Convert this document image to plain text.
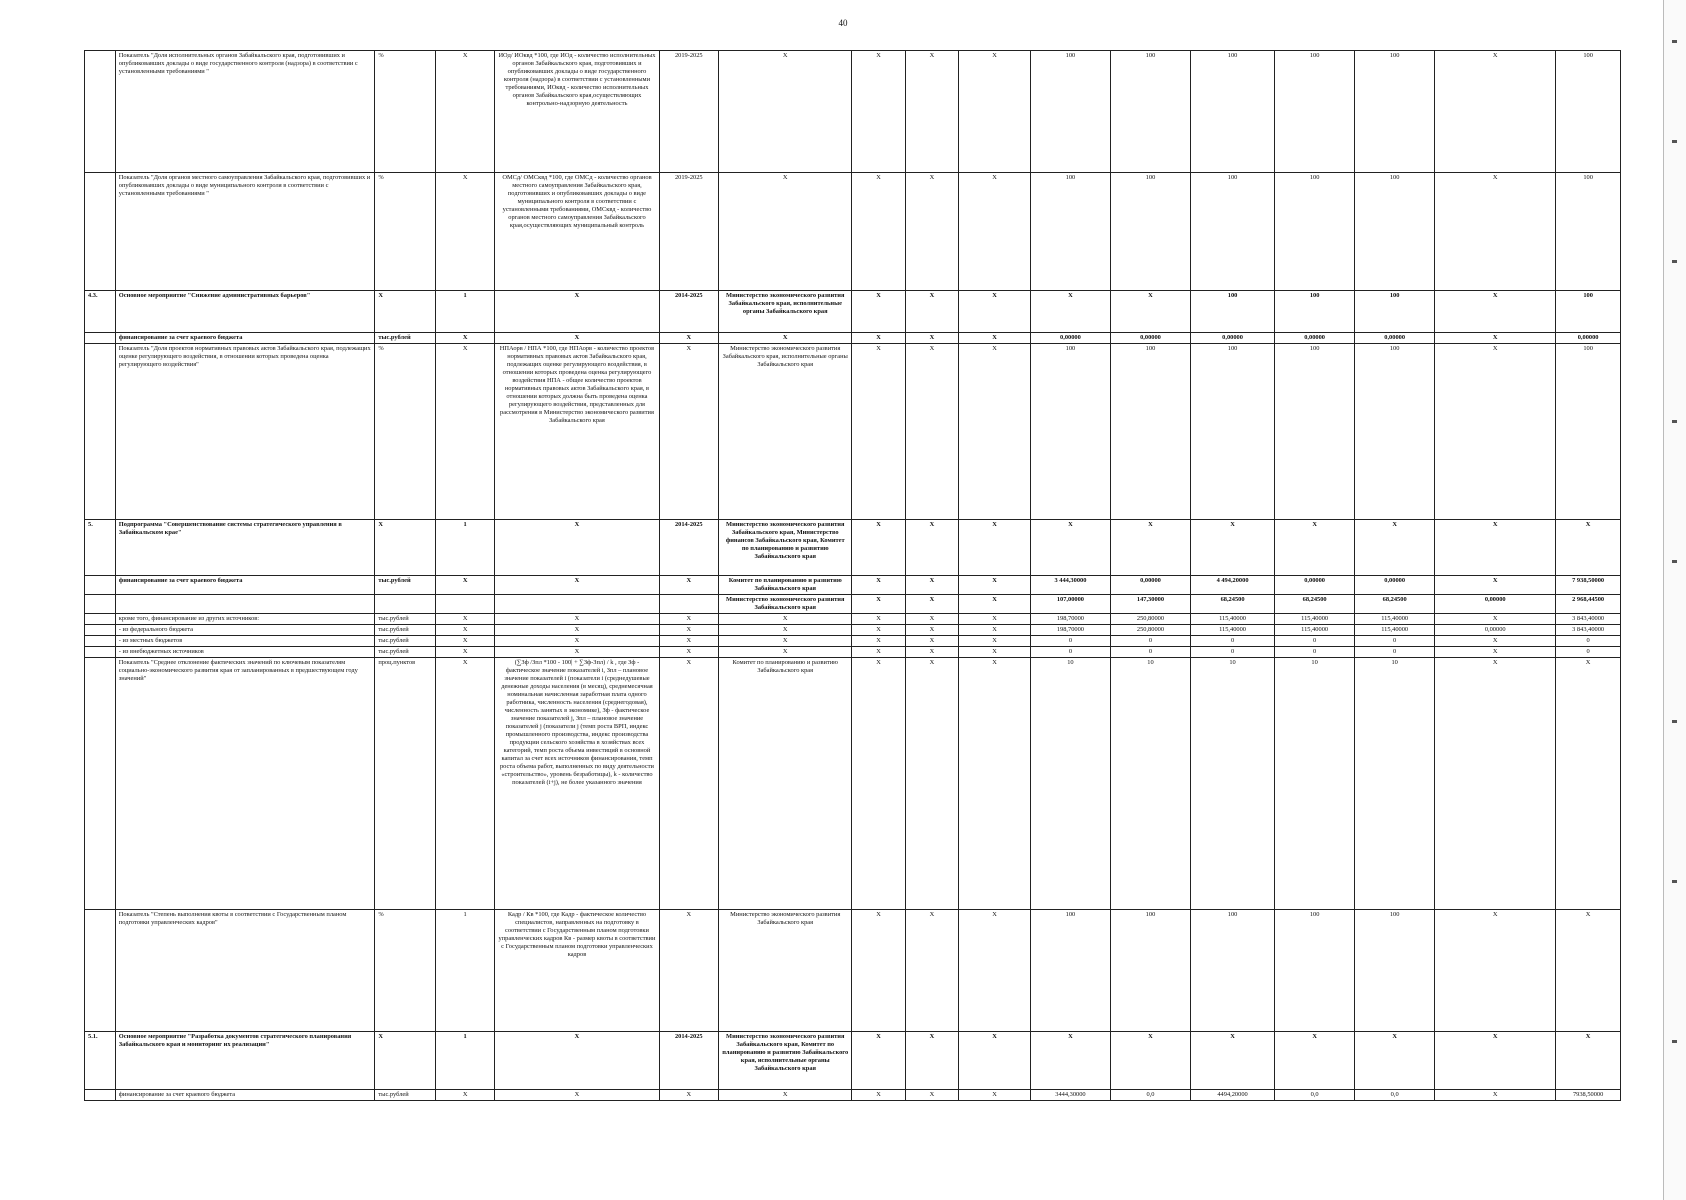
40
	Показатель "Доля исполнительных органов Забайкальского края, подготовивших и опубликовавших доклады о виде государственного контроля (надзора) в соответствии с установленными требованиями "	%	X	ИОд/ ИОквд *100, где ИОд - количество исполнительных органов Забайкальского края, подготовивших и опубликовавших доклады о виде государственного контроля (надзора) в соответствии с установленными требованиями, ИОквд - количество исполнительных органов Забайкальского края,осуществляющих контрольно-надзорную деятельность	2019-2025	X	X	X	X	100	100	100	100	100	X	100
	Показатель "Доля органов местного самоуправления Забайкальского края, подготовивших и опубликовавших доклады о виде муниципального контроля в соответствии с установленными требованиями "	%	X	ОМСд/ ОМСквд *100, где ОМСд - количество органов местного самоуправления Забайкальского края, подготовивших и опубликовавших доклады о виде муниципального контроля в соответствии с установленными требованиями, ОМСквд - количество органов местного самоуправления Забайкальского края,осуществляющих муниципальный контроль	2019-2025	X	X	X	X	100	100	100	100	100	X	100
4.3.	Основное мероприятие "Снижение административных барьеров"	X	1	X	2014-2025	Министерство экономического развития Забайкальского края, исполнительные органы Забайкальского края	X	X	X	X	X	100	100	100	X	100
	финансирование за счет краевого бюджета	тыс.рублей	X	X	X	X	X	X	X	0,00000	0,00000	0,00000	0,00000	0,00000	X	0,00000
	Показатель "Доля проектов нормативных правовых актов Забайкальского края, подлежащих оценке регулирующего воздействия, в отношении которых проведена оценка регулирующего воздействия"	%	X	НПАорв / НПА *100, где НПАорв - количество проектов нормативных правовых актов Забайкальского края, подлежащих оценке регулирующего воздействия, в отношении которых проведена оценка регулирующего воздействия НПА - общее количество проектов нормативных правовых актов Забайкальского края, в отношении которых должна быть проведена оценка регулирующего воздействия, представленных для рассмотрения в Министерство экономического развития Забайкальского края	X	Министерство экономического развития Забайкальского края, исполнительные органы Забайкальского края	X	X	X	100	100	100	100	100	X	100
5.	Подпрограмма "Совершенствование системы стратегического управления в Забайкальском крае"	X	1	X	2014-2025	Министерство экономического развития Забайкальского края, Министерство финансов Забайкальского края, Комитет по планированию и развитию Забайкальского края	X	X	X	X	X	X	X	X	X	X
	финансирование за счет краевого бюджета	тыс.рублей	X	X	X	Комитет по планированию и развитию Забайкальского края	X	X	X	3 444,30000	0,00000	4 494,20000	0,00000	0,00000	X	7 938,50000
						Министерство экономического развития Забайкальского края	X	X	X	107,00000	147,30000	68,24500	68,24500	68,24500	0,00000	2 968,44500
	кроме того, финансирование из других источников:	тыс.рублей	X	X	X	X	X	X	X	198,70000	250,80000	115,40000	115,40000	115,40000	X	3 843,40000
	- из федерального бюджета	тыс.рублей	X	X	X	X	X	X	X	198,70000	250,80000	115,40000	115,40000	115,40000	0,00000	3 843,40000
	- из местных бюджетов	тыс.рублей	X	X	X	X	X	X	X	0	0	0	0	0	X	0
	- из внебюджетных источников	тыс.рублей	X	X	X	X	X	X	X	0	0	0	0	0	X	0
	Показатель "Среднее отклонение фактических значений по ключевым показателям социально-экономического развития края от запланированных в предшествующем году значений"	проц.пунктов	X	(∑Зф /Зпл *100 - 100| + ∑Зф-Зпл) / k , где Зф - фактическое значение показателей i, Зпл – плановое значение показателей i (показатели i (среднедушевые денежные доходы населения (в месяц), среднемесячная номинальная начисленная заработная плата одного работника, численность населения (среднегодовая), численность занятых в экономике), Зф - фактическое значение показателей j, Зпл – плановое значение показателей j (показатели j (темп роста ВРП, индекс промышленного производства, индекс производства продукции сельского хозяйства в хозяйствах всех категорий, темп роста объема инвестиций в основной капитал за счет всех источников финансирования, темп роста объема работ, выполненных по виду деятельности «строительство», уровень безработицы), k - количество показателей (i+j), не более указанного значения	X	Комитет по планированию и развитию Забайкальского края	X	X	X	10	10	10	10	10	X	X
	Показатель "Степень выполнения квоты в соответствии с Государственным планом подготовки управленческих кадров"	%	1	Кадр / Кв *100, где Кадр - фактическое количество специалистов, направленных на подготовку в соответствии с Государственным планом подготовки управленческих кадров Кв - размер квоты в соответствии с Государственным планом подготовки управленческих кадров	X	Министерство экономического развития Забайкальского края	X	X	X	100	100	100	100	100	X	X
5.1.	Основное мероприятие "Разработка документов стратегического планирования Забайкальского края и мониторинг их реализации"	X	1	X	2014-2025	Министерство экономического развития Забайкальского края, Комитет по планированию и развитию Забайкальского края, исполнительные органы Забайкальского края	X	X	X	X	X	X	X	X	X	X
	финансирование за счет краевого бюджета	тыс.рублей	X	X	X	X	X	X	X	3444,30000	0,0	4494,20000	0,0	0,0	X	7938,50000
